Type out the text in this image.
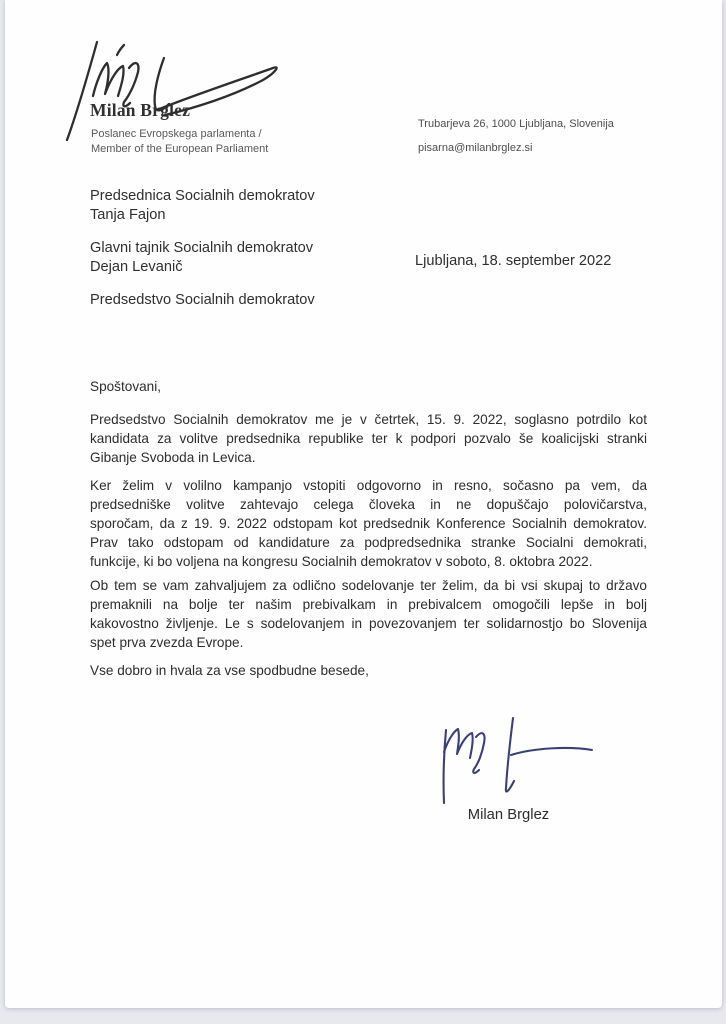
Milan Brglez
Poslanec Evropskega parlamenta /
Member of the European Parliament
Trubarjeva 26, 1000 Ljubljana, Slovenija
pisarna@milanbrglez.si
Predsednica Socialnih demokratov
Tanja Fajon
Glavni tajnik Socialnih demokratov
Dejan Levanič
Predsedstvo Socialnih demokratov
Ljubljana, 18. september 2022
Spoštovani,
Predsedstvo Socialnih demokratov me je v četrtek, 15. 9. 2022, soglasno potrdilo kot
kandidata za volitve predsednika republike ter k podpori pozvalo še koalicijski stranki
Gibanje Svoboda in Levica.
Ker želim v volilno kampanjo vstopiti odgovorno in resno, sočasno pa vem, da
predsedniške volitve zahtevajo celega človeka in ne dopuščajo polovičarstva,
sporočam, da z 19. 9. 2022 odstopam kot predsednik Konference Socialnih demokratov.
Prav tako odstopam od kandidature za podpredsednika stranke Socialni demokrati,
funkcije, ki bo voljena na kongresu Socialnih demokratov v soboto, 8. oktobra 2022.
Ob tem se vam zahvaljujem za odlično sodelovanje ter želim, da bi vsi skupaj to državo
premaknili na bolje ter našim prebivalkam in prebivalcem omogočili lepše in bolj
kakovostno življenje. Le s sodelovanjem in povezovanjem ter solidarnostjo bo Slovenija
spet prva zvezda Evrope.
Vse dobro in hvala za vse spodbudne besede,
Milan Brglez
